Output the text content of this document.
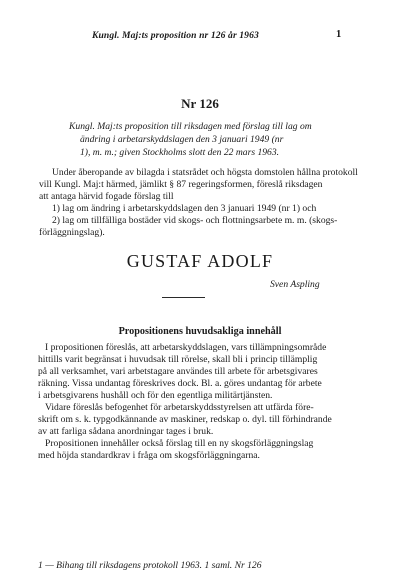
Kungl. Maj:ts proposition nr 126 år 1963	1
Nr 126
Kungl. Maj:ts proposition till riksdagen med förslag till lag om
ändring i arbetarskyddslagen den 3 januari 1949 (nr
1), m. m.; given Stockholms slott den 22 mars 1963.
Under åberopande av bilagda i statsrådet och högsta domstolen hållna protokoll
vill Kungl. Maj:t härmed, jämlikt § 87 regeringsformen, föreslå riksdagen
att antaga härvid fogade förslag till
1) lag om ändring i arbetarskyddslagen den 3 januari 1949 (nr 1) och
2) lag om tillfälliga bostäder vid skogs- och flottningsarbete m. m. (skogs-
förläggningslag).
GUSTAF ADOLF
Sven Aspling
Propositionens huvudsakliga innehåll
I propositionen föreslås, att arbetarskyddslagen, vars tillämpningsområde
hittills varit begränsat i huvudsak till rörelse, skall bli i princip tillämplig
på all verksamhet, vari arbetstagare användes till arbete för arbetsgivares
räkning. Vissa undantag föreskrives dock. Bl. a. göres undantag för arbete
i arbetsgivarens hushåll och för den egentliga militärtjänsten.
Vidare föreslås befogenhet för arbetarskyddsstyrelsen att utfärda före-
skrift om s. k. typgodkännande av maskiner, redskap o. dyl. till förhindrande
av att farliga sådana anordningar tages i bruk.
Propositionen innehåller också förslag till en ny skogsförläggningslag
med höjda standardkrav i fråga om skogsförläggningarna.
1 — Bihang till riksdagens protokoll 1963. 1 saml. Nr 126
